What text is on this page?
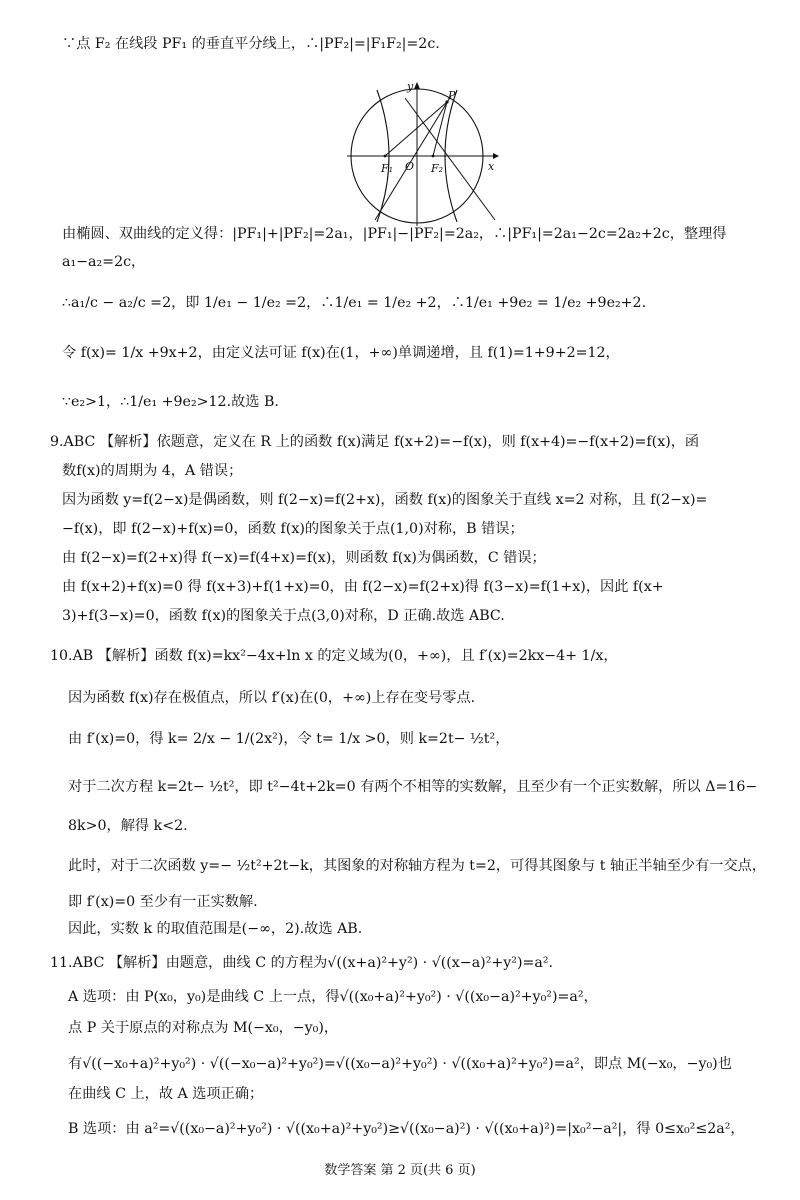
∵点 F₂ 在线段 PF₁ 的垂直平分线上，∴|PF₂|=|F₁F₂|=2c.
由椭圆、双曲线的定义得：|PF₁|+|PF₂|=2a₁，|PF₁|−|PF₂|=2a₂，∴|PF₁|=2a₁−2c=2a₂+2c，整理得
a₁−a₂=2c，
∴a₁/c − a₂/c =2，即 1/e₁ − 1/e₂ =2，∴1/e₁ = 1/e₂ +2，∴1/e₁ +9e₂ = 1/e₂ +9e₂+2.
令 f(x)= 1/x +9x+2，由定义法可证 f(x)在(1，+∞)单调递增，且 f(1)=1+9+2=12，
∵e₂>1，∴1/e₁ +9e₂>12.故选 B.
9.ABC 【解析】依题意，定义在 R 上的函数 f(x)满足 f(x+2)=−f(x)，则 f(x+4)=−f(x+2)=f(x)，函
数f(x)的周期为 4，A 错误；
因为函数 y=f(2−x)是偶函数，则 f(2−x)=f(2+x)，函数 f(x)的图象关于直线 x=2 对称，且 f(2−x)=
−f(x)，即 f(2−x)+f(x)=0，函数 f(x)的图象关于点(1,0)对称，B 错误；
由 f(2−x)=f(2+x)得 f(−x)=f(4+x)=f(x)，则函数 f(x)为偶函数，C 错误；
由 f(x+2)+f(x)=0 得 f(x+3)+f(1+x)=0，由 f(2−x)=f(2+x)得 f(3−x)=f(1+x)，因此 f(x+
3)+f(3−x)=0，函数 f(x)的图象关于点(3,0)对称，D 正确.故选 ABC.
10.AB 【解析】函数 f(x)=kx²−4x+ln x 的定义域为(0，+∞)，且 f′(x)=2kx−4+ 1/x，
因为函数 f(x)存在极值点，所以 f′(x)在(0，+∞)上存在变号零点.
由 f′(x)=0，得 k= 2/x − 1/(2x²)，令 t= 1/x >0，则 k=2t− ½t²，
对于二次方程 k=2t− ½t²，即 t²−4t+2k=0 有两个不相等的实数解，且至少有一个正实数解，所以 Δ=16−
8k>0，解得 k<2.
此时，对于二次函数 y=− ½t²+2t−k，其图象的对称轴方程为 t=2，可得其图象与 t 轴正半轴至少有一交点，
即 f′(x)=0 至少有一正实数解.
因此，实数 k 的取值范围是(−∞，2).故选 AB.
11.ABC 【解析】由题意，曲线 C 的方程为√((x+a)²+y²) · √((x−a)²+y²)=a².
A 选项：由 P(x₀，y₀)是曲线 C 上一点，得√((x₀+a)²+y₀²) · √((x₀−a)²+y₀²)=a²，
点 P 关于原点的对称点为 M(−x₀，−y₀)，
有√((−x₀+a)²+y₀²) · √((−x₀−a)²+y₀²)=√((x₀−a)²+y₀²) · √((x₀+a)²+y₀²)=a²，即点 M(−x₀，−y₀)也
在曲线 C 上，故 A 选项正确；
B 选项：由 a²=√((x₀−a)²+y₀²) · √((x₀+a)²+y₀²)≥√((x₀−a)²) · √((x₀+a)²)=|x₀²−a²|，得 0≤x₀²≤2a²，
y
x
P
O
F₁	F₂
数学答案 第 2 页(共 6 页)
